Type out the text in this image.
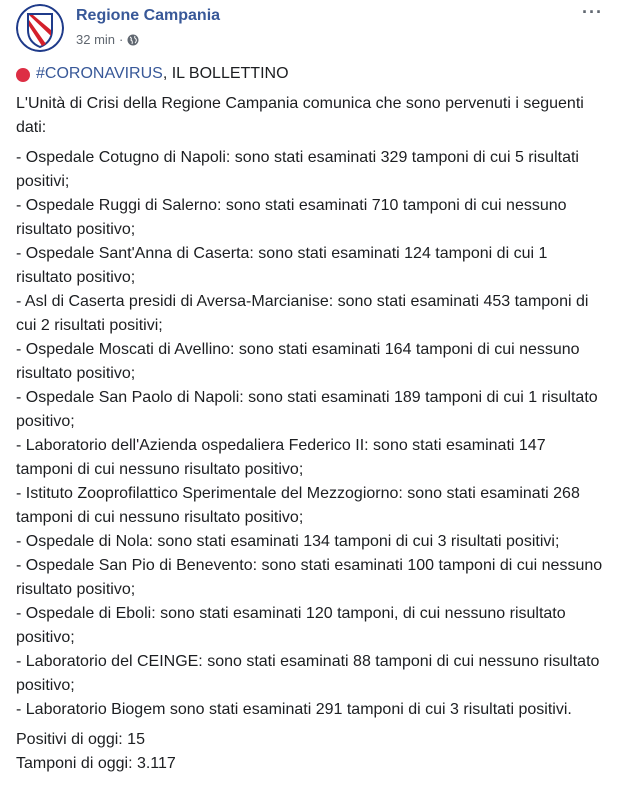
Regione Campania
32 min ·
···

#CORONAVIRUS , IL BOLLETTINO

L'Unità di Crisi della Regione Campania comunica che sono pervenuti i seguenti dati:

- Ospedale Cotugno di Napoli: sono stati esaminati 329 tamponi di cui 5 risultati positivi;

- Ospedale Ruggi di Salerno: sono stati esaminati 710 tamponi di cui nessuno risultato positivo;

- Ospedale Sant'Anna di Caserta: sono stati esaminati 124 tamponi di cui 1 risultato positivo;

- Asl di Caserta presidi di Aversa-Marcianise: sono stati esaminati 453 tamponi di cui 2 risultati positivi;

- Ospedale Moscati di Avellino: sono stati esaminati 164 tamponi di cui nessuno risultato positivo;

- Ospedale San Paolo di Napoli: sono stati esaminati 189 tamponi di cui 1 risultato positivo;

- Laboratorio dell'Azienda ospedaliera Federico II: sono stati esaminati 147 tamponi di cui nessuno risultato positivo;

- Istituto Zooprofilattico Sperimentale del Mezzogiorno: sono stati esaminati 268 tamponi di cui nessuno risultato positivo;

- Ospedale di Nola: sono stati esaminati 134 tamponi di cui 3 risultati positivi;

- Ospedale San Pio di Benevento: sono stati esaminati 100 tamponi di cui nessuno risultato positivo;

- Ospedale di Eboli: sono stati esaminati 120 tamponi, di cui nessuno risultato positivo;

- Laboratorio del CEINGE: sono stati esaminati 88 tamponi di cui nessuno risultato positivo;

- Laboratorio Biogem sono stati esaminati 291 tamponi di cui 3 risultati positivi.

Positivi di oggi: 15

Tamponi di oggi: 3.117
